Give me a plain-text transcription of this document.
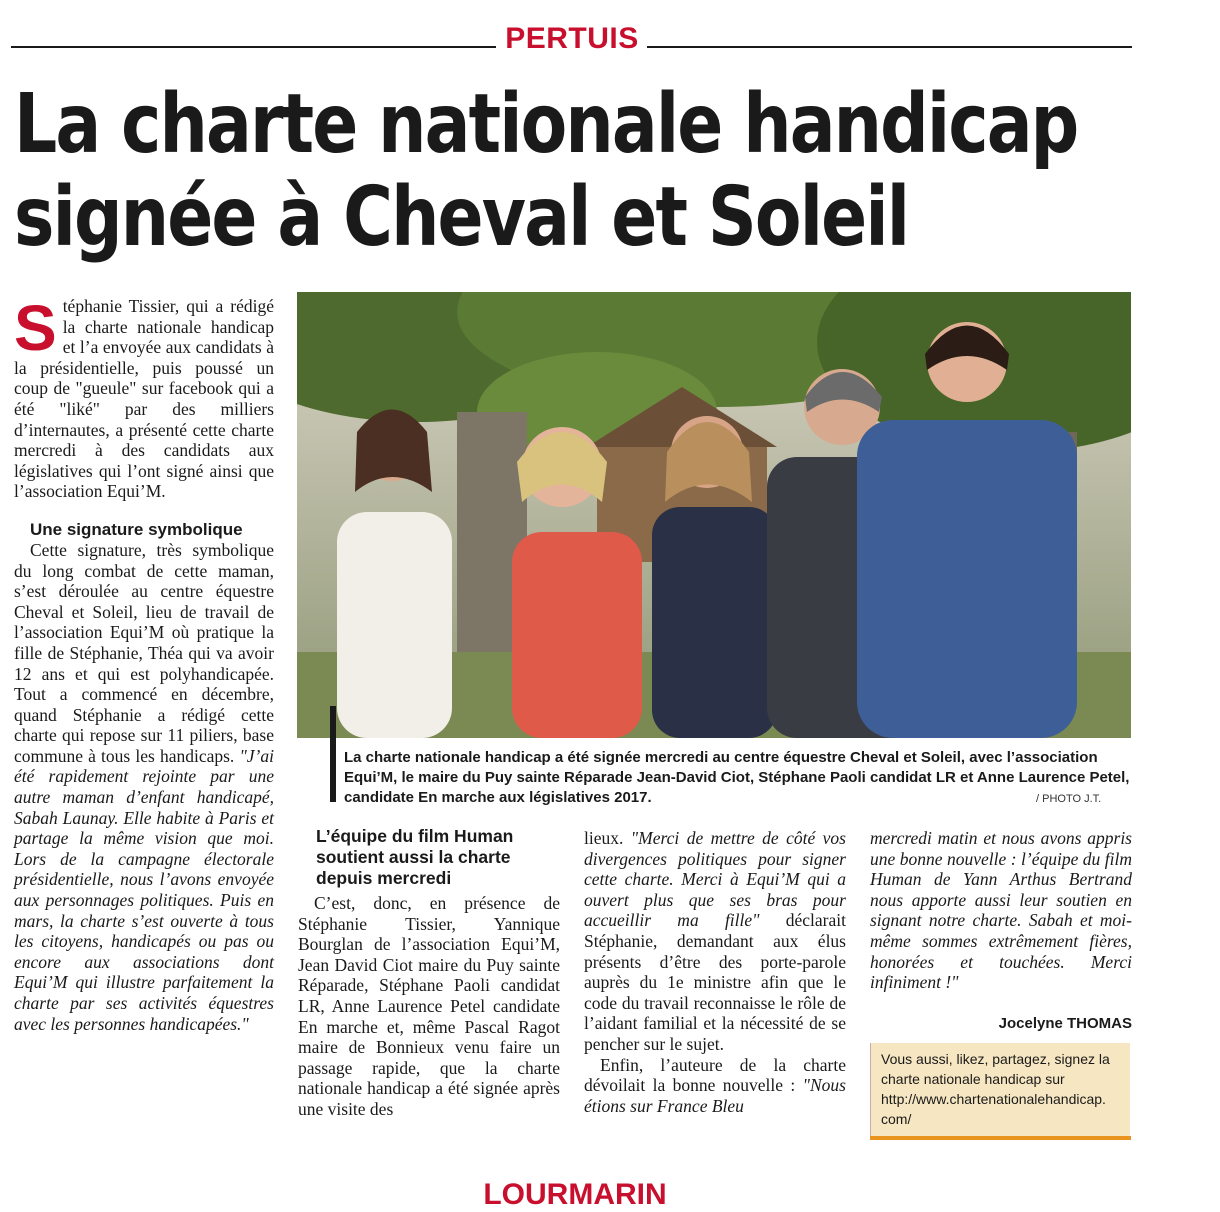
PERTUIS
La charte nationale handicap
signée à Cheval et Soleil

Stéphanie Tissier, qui a rédigé la charte nationale handicap et l’a envoyée aux candidats à la présidentielle, puis poussé un coup de "gueule" sur facebook qui a été "liké" par des milliers d’internautes, a présenté cette charte mercredi à des candidats aux législatives qui l’ont signé ainsi que l’association Equi’M.

Une signature symbolique

Cette signature, très symbolique du long combat de cette maman, s’est déroulée au centre équestre Cheval et Soleil, lieu de travail de l’association Equi’M où pratique la fille de Stéphanie, Théa qui va avoir 12 ans et qui est polyhandicapée. Tout a commencé en décembre, quand Stéphanie a rédigé cette charte qui repose sur 11 piliers, base commune à tous les handicaps. "J’ai été rapidement rejointe par une autre maman d’enfant handicapé, Sabah Launay. Elle habite à Paris et partage la même vision que moi. Lors de la campagne électorale présidentielle, nous l’avons envoyée aux personnages politiques. Puis en mars, la charte s’est ouverte à tous les citoyens, handicapés ou pas ou encore aux associations dont Equi’M qui illustre parfaitement la charte par ses activités équestres avec les personnes handicapées."

La charte nationale handicap a été signée mercredi au centre équestre Cheval et Soleil, avec l’association Equi’M, le maire du Puy sainte Réparade Jean-David Ciot, Stéphane Paoli candidat LR et Anne Laurence Petel, candidate En marche aux législatives 2017.	/ PHOTO J.T.

L’équipe du film Human soutient aussi la charte depuis mercredi

C’est, donc, en présence de Stéphanie Tissier, Yannique Bourglan de l’association Equi’M, Jean David Ciot maire du Puy sainte Réparade, Stéphane Paoli candidat LR, Anne Laurence Petel candidate En marche et, même Pascal Ragot maire de Bonnieux venu faire un passage rapide, que la charte nationale handicap a été signée après une visite des

lieux. "Merci de mettre de côté vos divergences politiques pour signer cette charte. Merci à Equi’M qui a ouvert plus que ses bras pour accueillir ma fille" déclarait Stéphanie, demandant aux élus présents d’être des porte-parole auprès du 1e ministre afin que le code du travail reconnaisse le rôle de l’aidant familial et la nécessité de se pencher sur le sujet.

Enfin, l’auteure de la charte dévoilait la bonne nouvelle : "Nous étions sur France Bleu

mercredi matin et nous avons appris une bonne nouvelle : l’équipe du film Human de Yann Arthus Bertrand nous apporte aussi leur soutien en signant notre charte. Sabah et moi-même sommes extrêmement fières, honorées et touchées. Merci infiniment !"

Jocelyne THOMAS
Vous aussi, likez, partagez, signez la
charte nationale handicap sur
http://www.chartenationalehandicap.
com/
LOURMARIN
